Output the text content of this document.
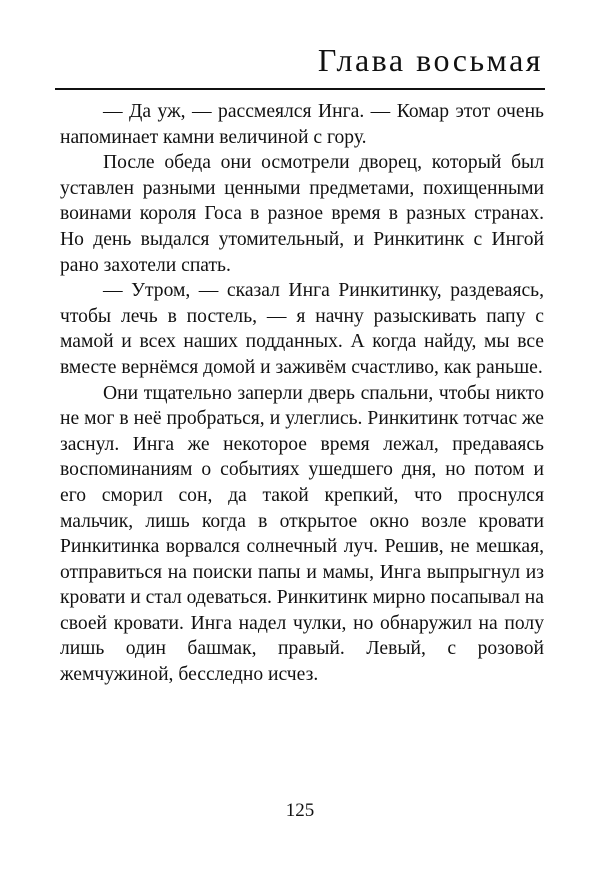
Глава восьмая

— Да уж, — рассмеялся Инга. — Комар этот очень напоминает камни величиной с гору.

После обеда они осмотрели дворец, который был уставлен разными ценными предметами, похищенными воинами короля Госа в разное время в разных странах. Но день выдался утомительный, и Ринкитинк с Ингой рано захотели спать.

— Утром, — сказал Инга Ринкитинку, раздеваясь, чтобы лечь в постель, — я начну разыскивать папу с мамой и всех наших подданных. А когда найду, мы все вместе вернёмся домой и заживём счастливо, как раньше.

Они тщательно заперли дверь спальни, чтобы никто не мог в неё пробраться, и улеглись. Ринкитинк тотчас же заснул. Инга же некоторое время лежал, предаваясь воспоминаниям о событиях ушедшего дня, но потом и его сморил сон, да такой крепкий, что проснулся мальчик, лишь когда в открытое окно возле кровати Ринкитинка ворвался солнечный луч. Решив, не мешкая, отправиться на поиски папы и мамы, Инга выпрыгнул из кровати и стал одеваться. Ринкитинк мирно посапывал на своей кровати. Инга надел чулки, но обнаружил на полу лишь один башмак, правый. Левый, с розовой жемчужиной, бесследно исчез.

125
